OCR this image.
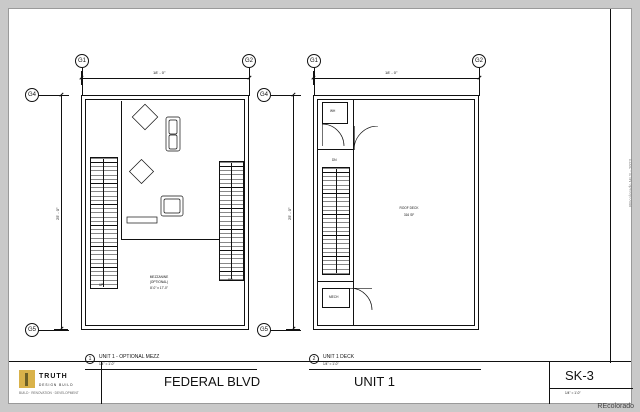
G1	G2
G4
G5
18' - 0"
25' - 0"
UP
DN
MEZZANINE
(OPTIONAL)
8'-0" x 17'-0"
1	UNIT 1 - OPTIONAL MEZZ
1/4" = 1'-0"
G1	G2
G4
G5
18' - 0"
25' - 0"
WH
DN
MECH
ROOF DECK
316 SF
2	UNIT 1 DECK
1/4" = 1'-0"
REcolorado MLS - 2023
TRUTH
DESIGN BUILD
BUILD · RENOVATION · DEVELOPMENT
FEDERAL BLVD	UNIT 1	SK-3
1/4" = 1'-0"
REcolorado
